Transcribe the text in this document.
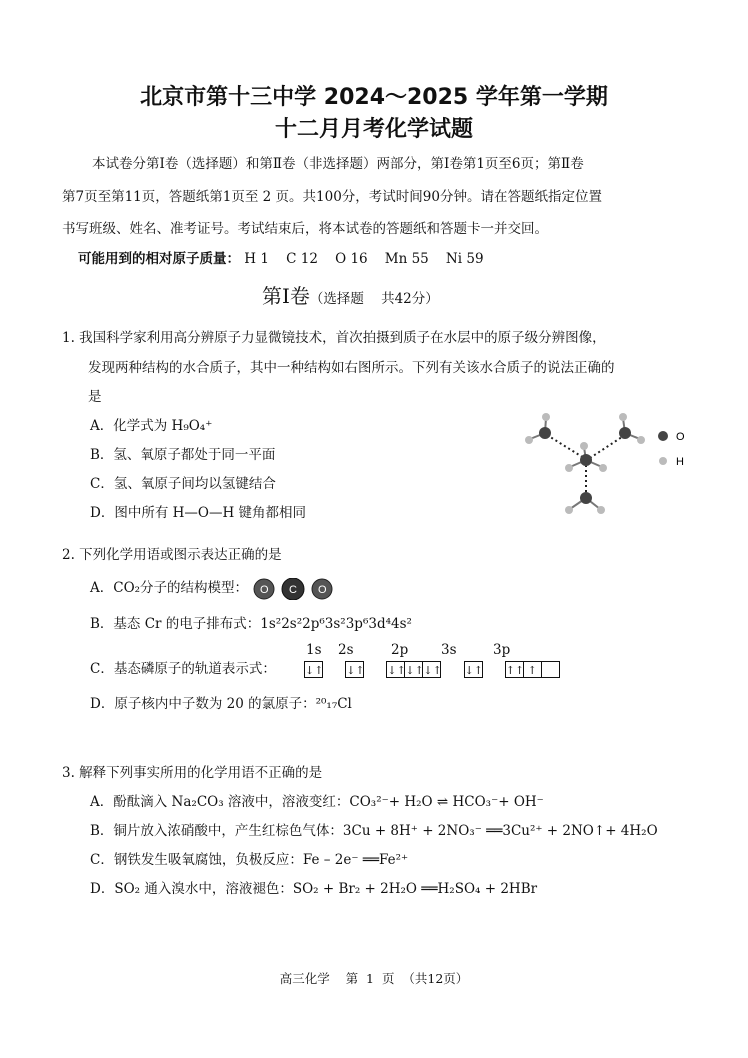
北京市第十三中学 2024～2025 学年第一学期
十二月月考化学试题
本试卷分第Ⅰ卷（选择题）和第Ⅱ卷（非选择题）两部分，第Ⅰ卷第1页至6页；第Ⅱ卷
第7页至第11页，答题纸第1页至 2 页。共100分，考试时间90分钟。请在答题纸指定位置
书写班级、姓名、准考证号。考试结束后，将本试卷的答题纸和答题卡一并交回。
可能用到的相对原子质量： H 1    C 12    O 16    Mn 55    Ni 59
第Ⅰ卷（选择题    共42分）
1. 我国科学家利用高分辨原子力显微镜技术，首次拍摄到质子在水层中的原子级分辨图像，
发现两种结构的水合质子，其中一种结构如右图所示。下列有关该水合质子的说法正确的
是
A．化学式为 H₉O₄⁺
B．氢、氧原子都处于同一平面
C．氢、氧原子间均以氢键结合
D．图中所有 H—O—H 键角都相同
O
H
2. 下列化学用语或图示表达正确的是
A．CO₂分子的结构模型： O C O
B．基态 Cr 的电子排布式：1s²2s²2p⁶3s²3p⁶3d⁴4s²
1s 2s	2p 3s	3p
C．基态磷原子的轨道表示式：	↓↑ ↓↑ ↓↑↓↑↓↑ ↓↑ ↑↑ ↑
D．原子核内中子数为 20 的氯原子：²⁰₁₇Cl
3. 解释下列事实所用的化学用语不正确的是
A．酚酞滴入 Na₂CO₃ 溶液中，溶液变红：CO₃²⁻+ H₂O ⇌ HCO₃⁻+ OH⁻
B．铜片放入浓硝酸中，产生红棕色气体：3Cu + 8H⁺ + 2NO₃⁻ ══3Cu²⁺ + 2NO↑+ 4H₂O
C．钢铁发生吸氧腐蚀，负极反应：Fe – 2e⁻ ══Fe²⁺
D．SO₂ 通入溴水中，溶液褪色：SO₂ + Br₂ + 2H₂O ══H₂SO₄ + 2HBr
高三化学    第  1  页  （共12页）
